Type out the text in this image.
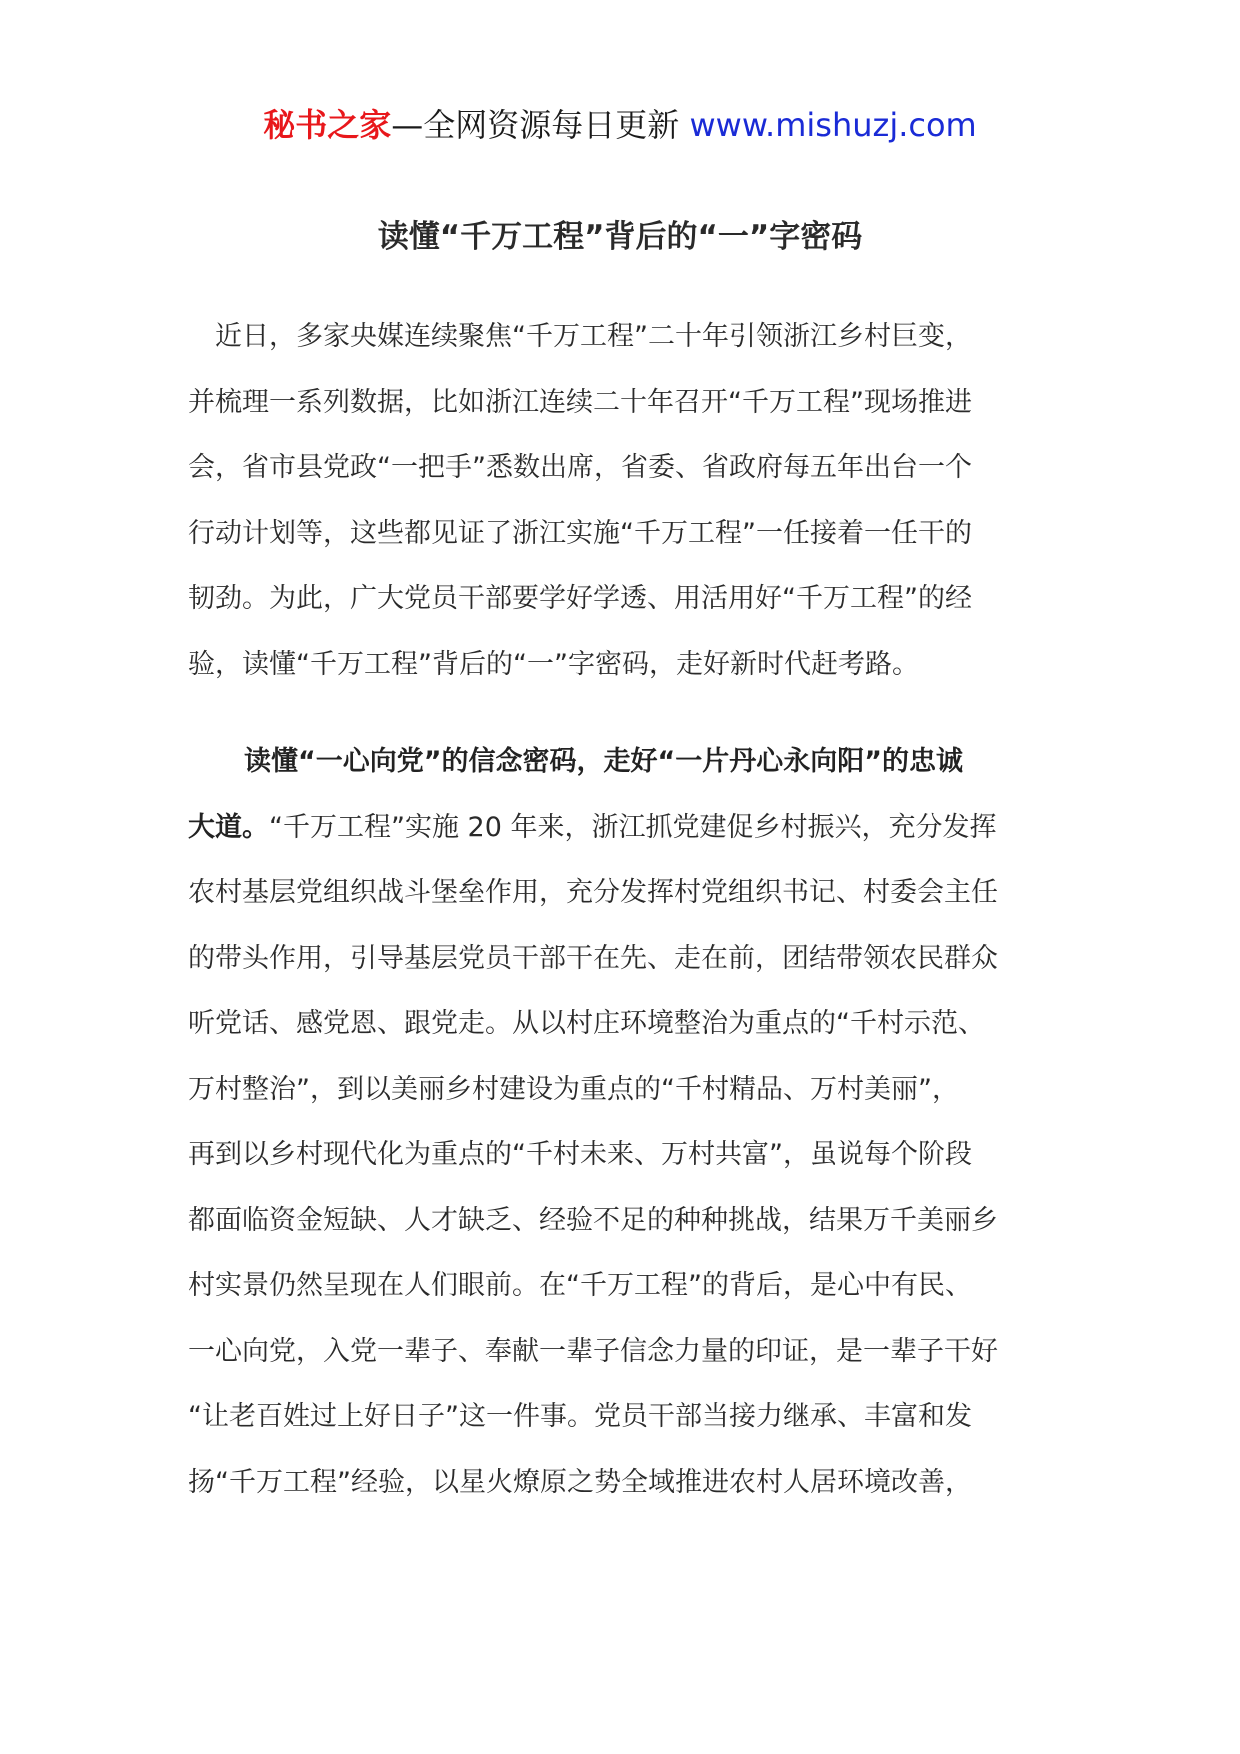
秘书之家—全网资源每日更新 www.mishuzj.com
读懂“千万工程”背后的“一”字密码
近日，多家央媒连续聚焦“千万工程”二十年引领浙江乡村巨变，
并梳理一系列数据，比如浙江连续二十年召开“千万工程”现场推进
会，省市县党政“一把手”悉数出席，省委、省政府每五年出台一个
行动计划等，这些都见证了浙江实施“千万工程”一任接着一任干的
韧劲。为此，广大党员干部要学好学透、用活用好“千万工程”的经
验，读懂“千万工程”背后的“一”字密码，走好新时代赶考路。
读懂“一心向党”的信念密码，走好“一片丹心永向阳”的忠诚
大道。“千万工程”实施 20 年来，浙江抓党建促乡村振兴，充分发挥
农村基层党组织战斗堡垒作用，充分发挥村党组织书记、村委会主任
的带头作用，引导基层党员干部干在先、走在前，团结带领农民群众
听党话、感党恩、跟党走。从以村庄环境整治为重点的“千村示范、
万村整治”，到以美丽乡村建设为重点的“千村精品、万村美丽”，
再到以乡村现代化为重点的“千村未来、万村共富”，虽说每个阶段
都面临资金短缺、人才缺乏、经验不足的种种挑战，结果万千美丽乡
村实景仍然呈现在人们眼前。在“千万工程”的背后，是心中有民、
一心向党，入党一辈子、奉献一辈子信念力量的印证，是一辈子干好
“让老百姓过上好日子”这一件事。党员干部当接力继承、丰富和发
扬“千万工程”经验，以星火燎原之势全域推进农村人居环境改善，
